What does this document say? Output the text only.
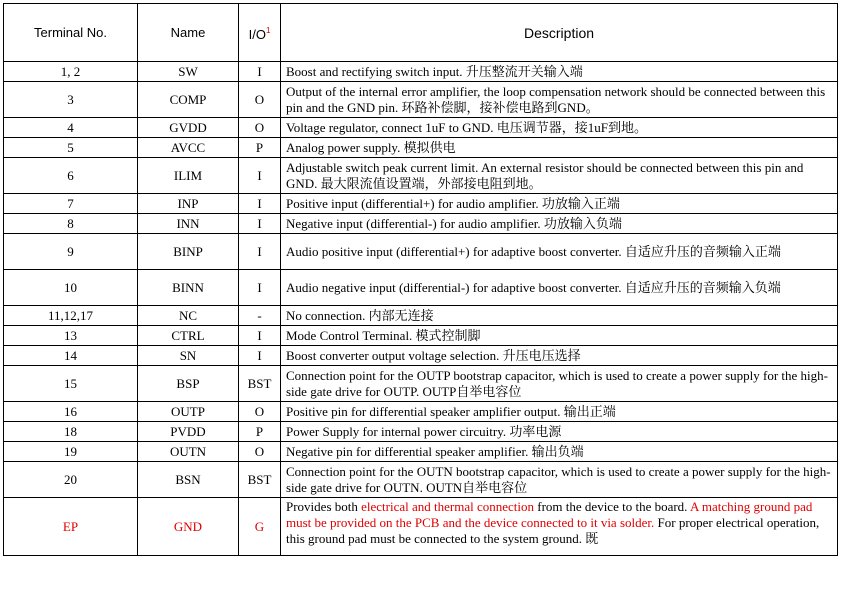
Terminal No.	Name	$I/O^1$	Description
1, 2	SW	I	Boost and rectifying switch input. 升压整流开关输入端
3	COMP	O	Output of the internal error amplifier, the loop compensation network should be connected between this pin and the GND pin. 环路补偿脚，接补偿电路到GND。
4	GVDD	O	Voltage regulator, connect 1uF to GND. 电压调节器，接1uF到地。
5	AVCC	P	Analog power supply. 模拟供电
6	ILIM	I	Adjustable switch peak current limit. An external resistor should be connected between this pin and GND. 最大限流值设置端，外部接电阻到地。
7	INP	I	Positive input (differential+) for audio amplifier. 功放输入正端
8	INN	I	Negative input (differential-) for audio amplifier. 功放输入负端
9	BINP	I	Audio positive input (differential+) for adaptive boost converter. 自适应升压的音频输入正端
10	BINN	I	Audio negative input (differential-) for adaptive boost converter. 自适应升压的音频输入负端
11,12,17	NC	-	No connection. 内部无连接
13	CTRL	I	Mode Control Terminal. 模式控制脚
14	SN	I	Boost converter output voltage selection. 升压电压选择
15	BSP	BST	Connection point for the OUTP bootstrap capacitor, which is used to create a power supply for the high-side gate drive for OUTP. OUTP自举电容位
16	OUTP	O	Positive pin for differential speaker amplifier output. 输出正端
18	PVDD	P	Power Supply for internal power circuitry. 功率电源
19	OUTN	O	Negative pin for differential speaker amplifier. 输出负端
20	BSN	BST	Connection point for the OUTN bootstrap capacitor, which is used to create a power supply for the high-side gate drive for OUTN. OUTN自举电容位
EP	GND	G	Provides both electrical and thermal connection from the device to the board. A matching ground pad must be provided on the PCB and the device connected to it via solder. For proper electrical operation, this ground pad must be connected to the system ground. 既
